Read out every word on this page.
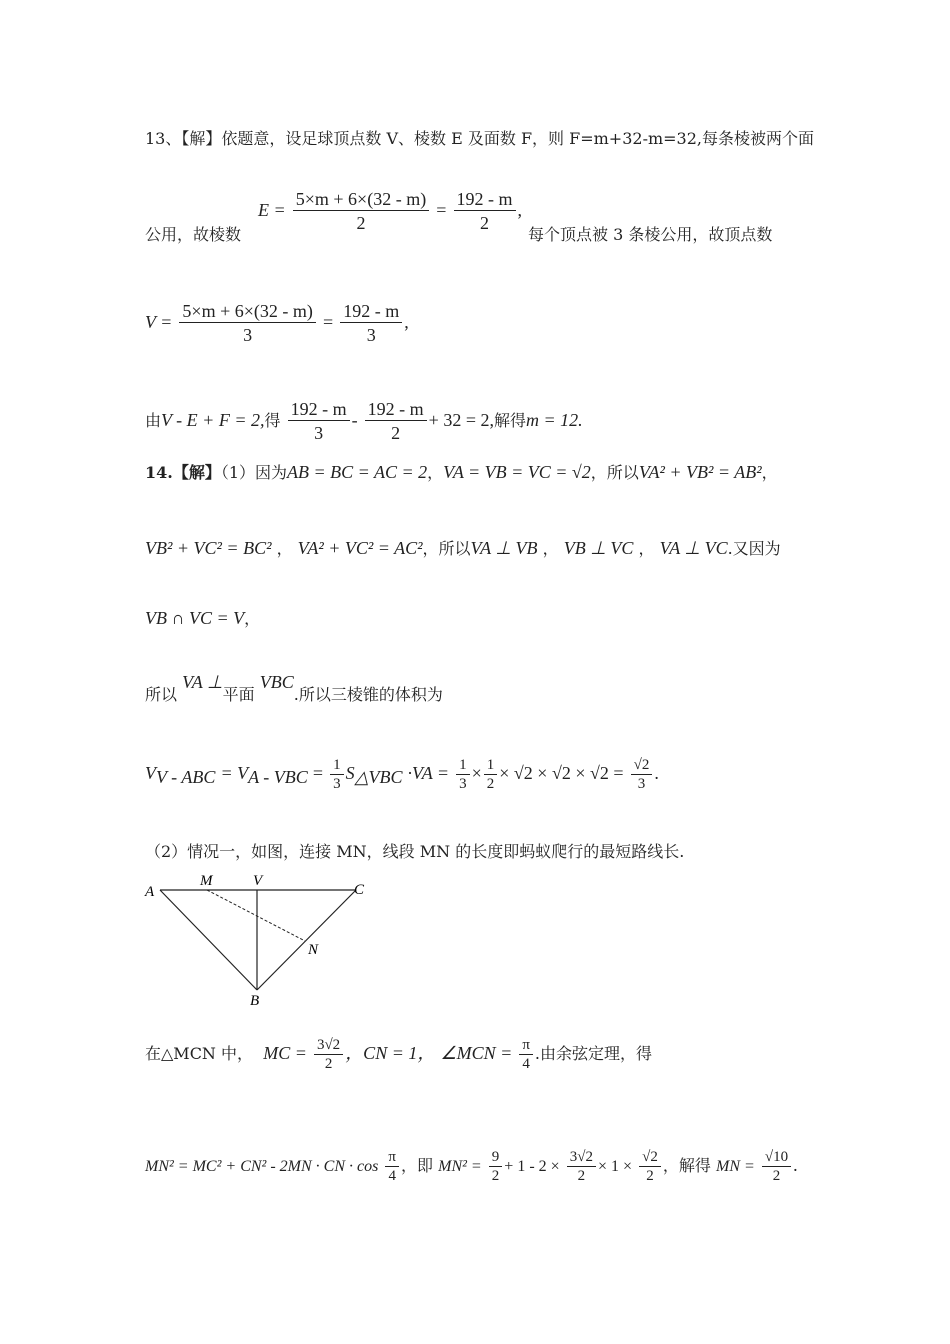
13、【解】依题意，设足球顶点数 V、棱数 E 及面数 F，则 F=m+32-m=32,每条棱被两个面
公用，故棱数
$E = \frac{5\times m + 6\times(32 - m)}{2} = \frac{192 - m}{2}$ ,
每个顶点被 3 条棱公用，故顶点数
$V = \frac{5\times m + 6\times(32 - m)}{3} = \frac{192 - m}{3}$ ,
由V - E + F = 2,得 $\frac{192 - m}{3} - \frac{192 - m}{2} + 32 = 2$,解得m = 12.
14.【解】（1）因为AB = BC = AC = 2，VA = VB = VC = √2，所以VA² + VB² = AB²，
VB² + VC² = BC² ， VA² + VC² = AC²，所以VA ⊥ VB ， VB ⊥ VC ， VA ⊥ VC.又因为
VB ∩ VC = V，
所以 VA ⊥平面 VBC.所以三棱锥的体积为
$V_{V - ABC} = V_{A - VBC} = \frac{1}{3} S_{\triangle VBC} \cdot VA = \frac{1}{3} \times \frac{1}{2} \times √2 \times √2 \times √2 = \frac{√2}{3}$ .
（2）情况一，如图，连接 MN，线段 MN 的长度即蚂蚁爬行的最短路线长.
A
M	V
C
N
B
在△MCN 中， MC = $\frac{3√2}{2}$ ，CN = 1， ∠MCN = $\frac{\pi}{4}$ .由余弦定理，得
MN² = MC² + CN² - 2MN · CN · $\cos \frac{\pi}{4}$ ，即 $MN^2 = \frac{9}{2} + 1 - 2 \times \frac{3√2}{2} \times 1 \times \frac{√2}{2}$ ，解得 MN = $\frac{√10}{2}$ .
